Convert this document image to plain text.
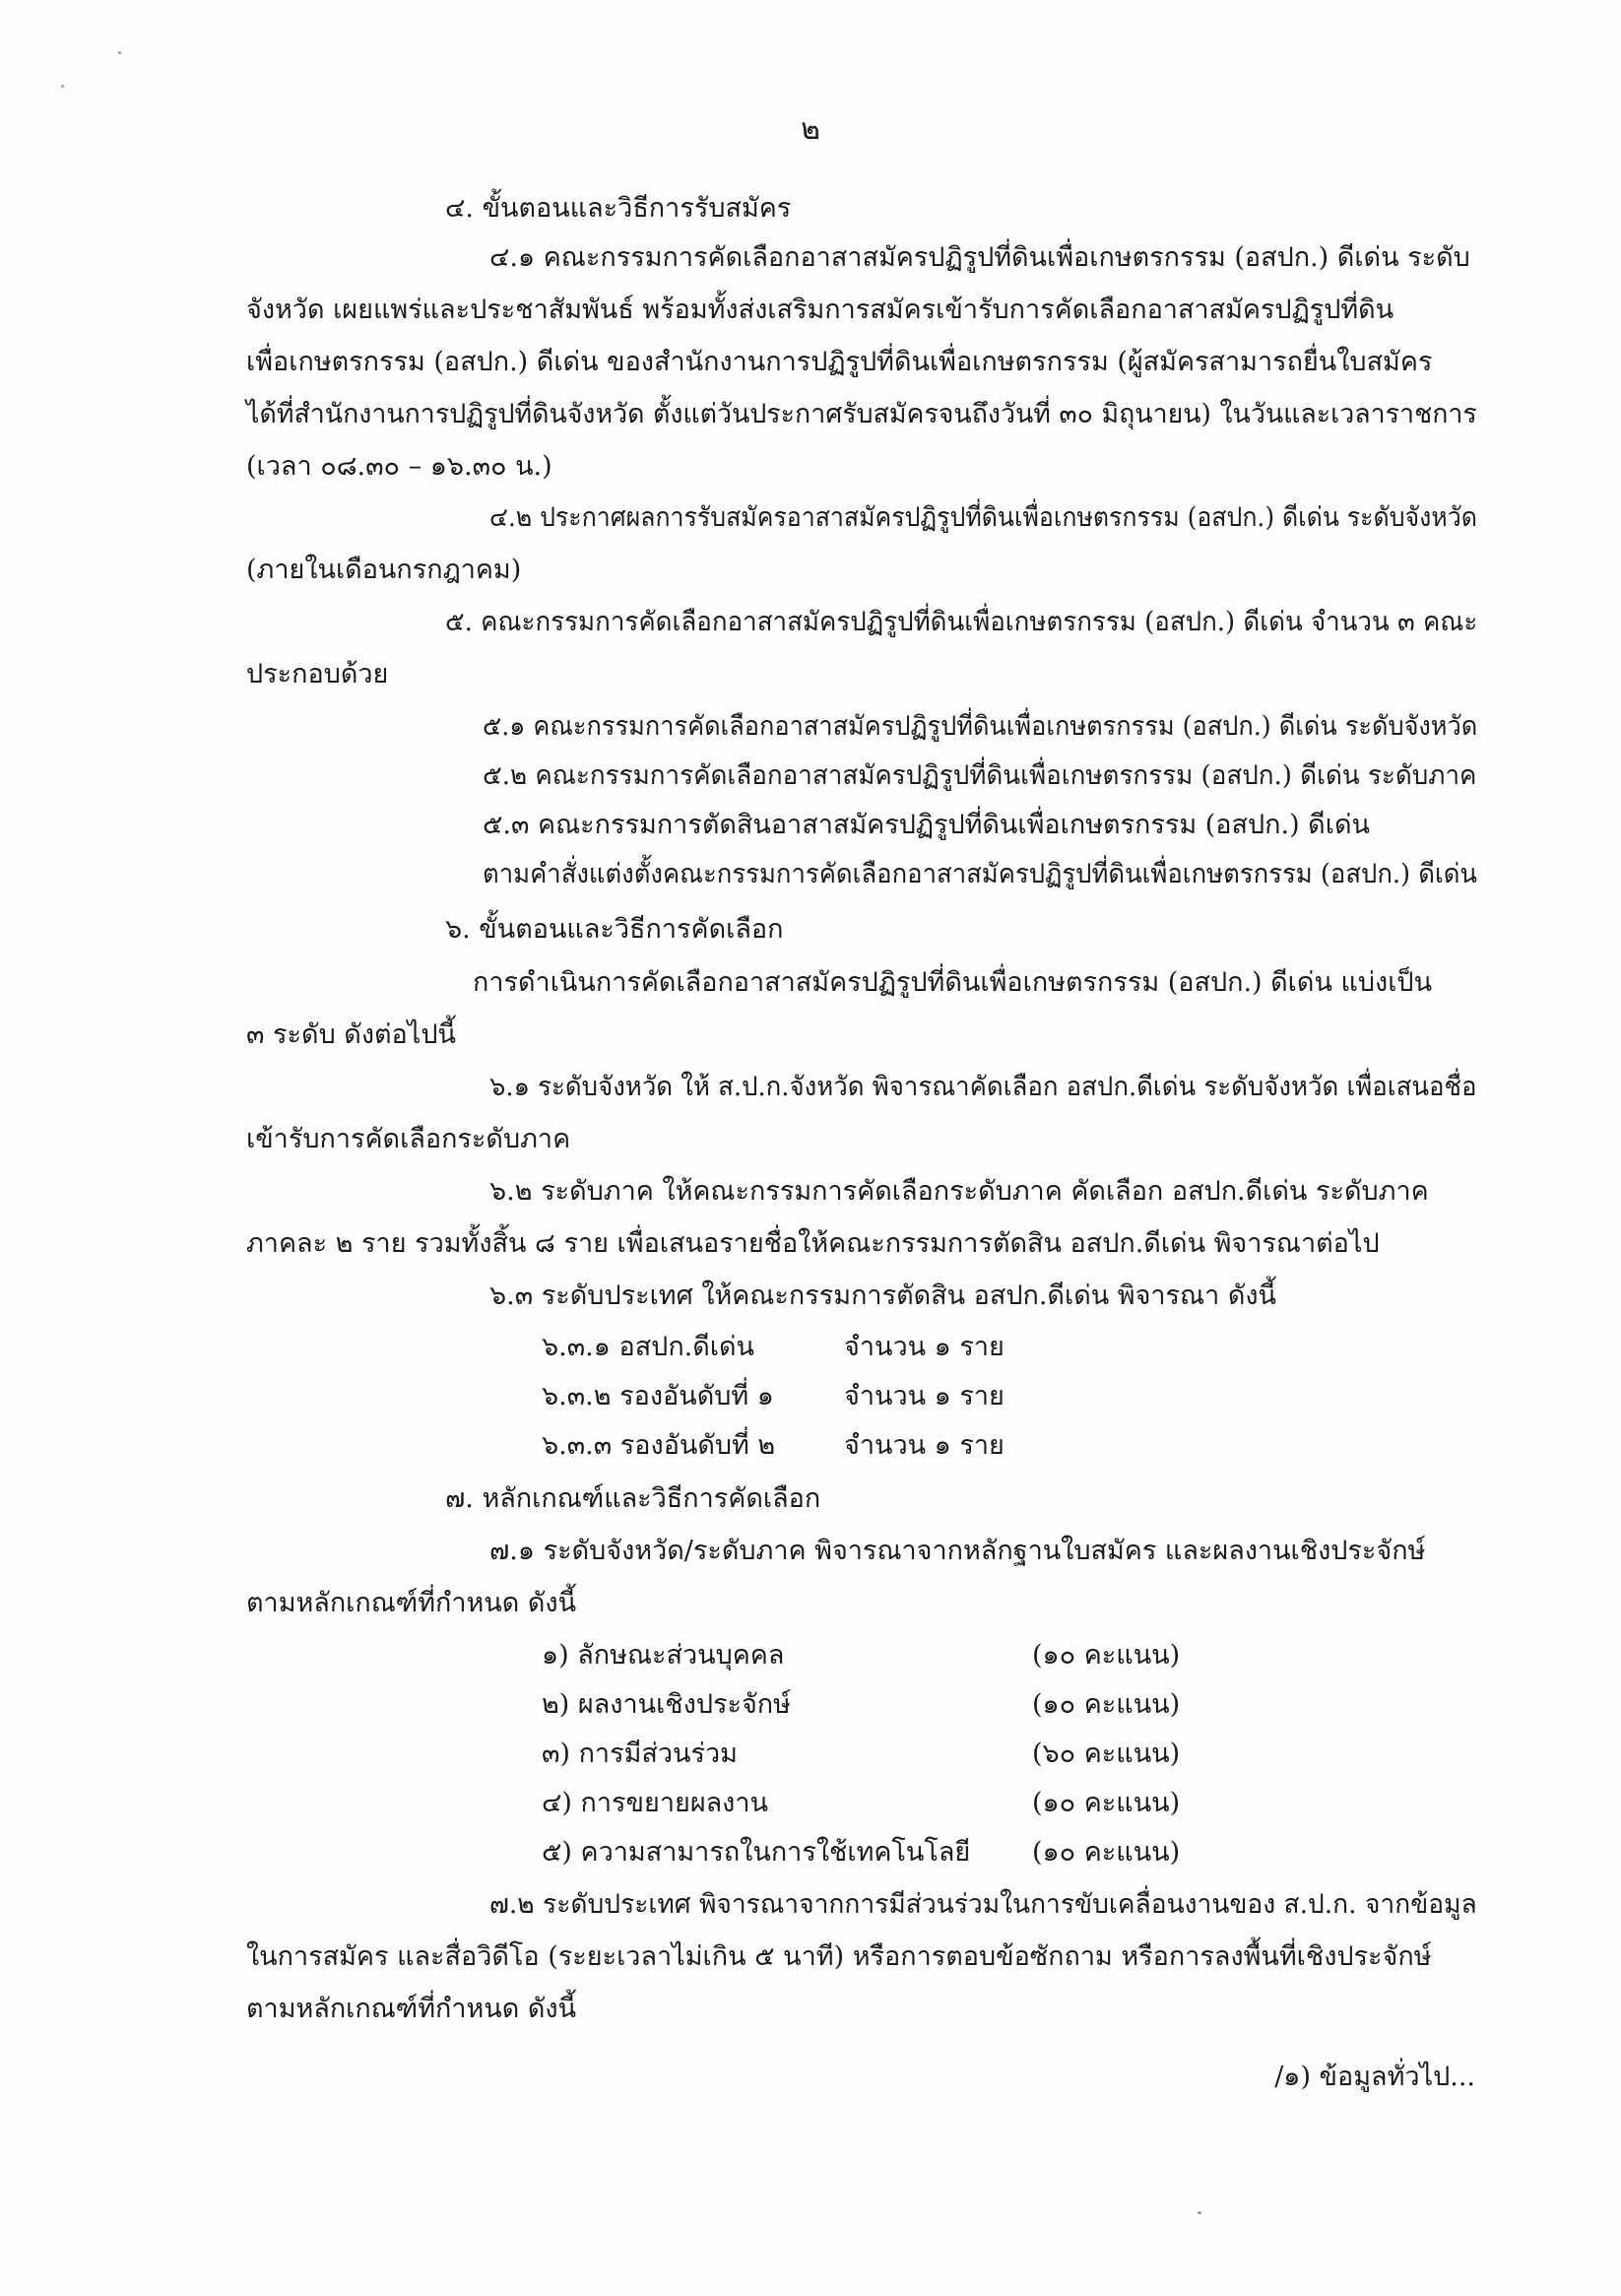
๒
๔. ขั้นตอนและวิธีการรับสมัคร
๔.๑ คณะกรรมการคัดเลือกอาสาสมัครปฏิรูปที่ดินเพื่อเกษตรกรรม (อสปก.) ดีเด่น ระดับ
จังหวัด เผยแพร่และประชาสัมพันธ์ พร้อมทั้งส่งเสริมการสมัครเข้ารับการคัดเลือกอาสาสมัครปฏิรูปที่ดิน
เพื่อเกษตรกรรม (อสปก.) ดีเด่น ของสำนักงานการปฏิรูปที่ดินเพื่อเกษตรกรรม (ผู้สมัครสามารถยื่นใบสมัคร
ได้ที่สำนักงานการปฏิรูปที่ดินจังหวัด ตั้งแต่วันประกาศรับสมัครจนถึงวันที่ ๓๐ มิถุนายน) ในวันและเวลาราชการ
(เวลา ๐๘.๓๐ – ๑๖.๓๐ น.)
๔.๒ ประกาศผลการรับสมัครอาสาสมัครปฏิรูปที่ดินเพื่อเกษตรกรรม (อสปก.) ดีเด่น ระดับจังหวัด
(ภายในเดือนกรกฎาคม)
๕. คณะกรรมการคัดเลือกอาสาสมัครปฏิรูปที่ดินเพื่อเกษตรกรรม (อสปก.) ดีเด่น จำนวน ๓ คณะ
ประกอบด้วย
๕.๑ คณะกรรมการคัดเลือกอาสาสมัครปฏิรูปที่ดินเพื่อเกษตรกรรม (อสปก.) ดีเด่น ระดับจังหวัด
๕.๒ คณะกรรมการคัดเลือกอาสาสมัครปฏิรูปที่ดินเพื่อเกษตรกรรม (อสปก.) ดีเด่น ระดับภาค
๕.๓ คณะกรรมการตัดสินอาสาสมัครปฏิรูปที่ดินเพื่อเกษตรกรรม (อสปก.) ดีเด่น
ตามคำสั่งแต่งตั้งคณะกรรมการคัดเลือกอาสาสมัครปฏิรูปที่ดินเพื่อเกษตรกรรม (อสปก.) ดีเด่น
๖. ขั้นตอนและวิธีการคัดเลือก
การดำเนินการคัดเลือกอาสาสมัครปฏิรูปที่ดินเพื่อเกษตรกรรม (อสปก.) ดีเด่น แบ่งเป็น
๓ ระดับ ดังต่อไปนี้
๖.๑ ระดับจังหวัด ให้ ส.ป.ก.จังหวัด พิจารณาคัดเลือก อสปก.ดีเด่น ระดับจังหวัด เพื่อเสนอชื่อ
เข้ารับการคัดเลือกระดับภาค
๖.๒ ระดับภาค ให้คณะกรรมการคัดเลือกระดับภาค คัดเลือก อสปก.ดีเด่น ระดับภาค
ภาคละ ๒ ราย รวมทั้งสิ้น ๘ ราย เพื่อเสนอรายชื่อให้คณะกรรมการตัดสิน อสปก.ดีเด่น พิจารณาต่อไป
๖.๓ ระดับประเทศ ให้คณะกรรมการตัดสิน อสปก.ดีเด่น พิจารณา ดังนี้
๖.๓.๑ อสปก.ดีเด่น	จำนวน ๑ ราย
๖.๓.๒ รองอันดับที่ ๑	จำนวน ๑ ราย
๖.๓.๓ รองอันดับที่ ๒	จำนวน ๑ ราย
๗. หลักเกณฑ์และวิธีการคัดเลือก
๗.๑ ระดับจังหวัด/ระดับภาค พิจารณาจากหลักฐานใบสมัคร และผลงานเชิงประจักษ์
ตามหลักเกณฑ์ที่กำหนด ดังนี้
๑) ลักษณะส่วนบุคคล	(๑๐ คะแนน)
๒) ผลงานเชิงประจักษ์	(๑๐ คะแนน)
๓) การมีส่วนร่วม	(๖๐ คะแนน)
๔) การขยายผลงาน	(๑๐ คะแนน)
๕) ความสามารถในการใช้เทคโนโลยี (๑๐ คะแนน)
๗.๒ ระดับประเทศ พิจารณาจากการมีส่วนร่วมในการขับเคลื่อนงานของ ส.ป.ก. จากข้อมูล
ในการสมัคร และสื่อวิดีโอ (ระยะเวลาไม่เกิน ๕ นาที) หรือการตอบข้อซักถาม หรือการลงพื้นที่เชิงประจักษ์
ตามหลักเกณฑ์ที่กำหนด ดังนี้
/๑) ข้อมูลทั่วไป...
